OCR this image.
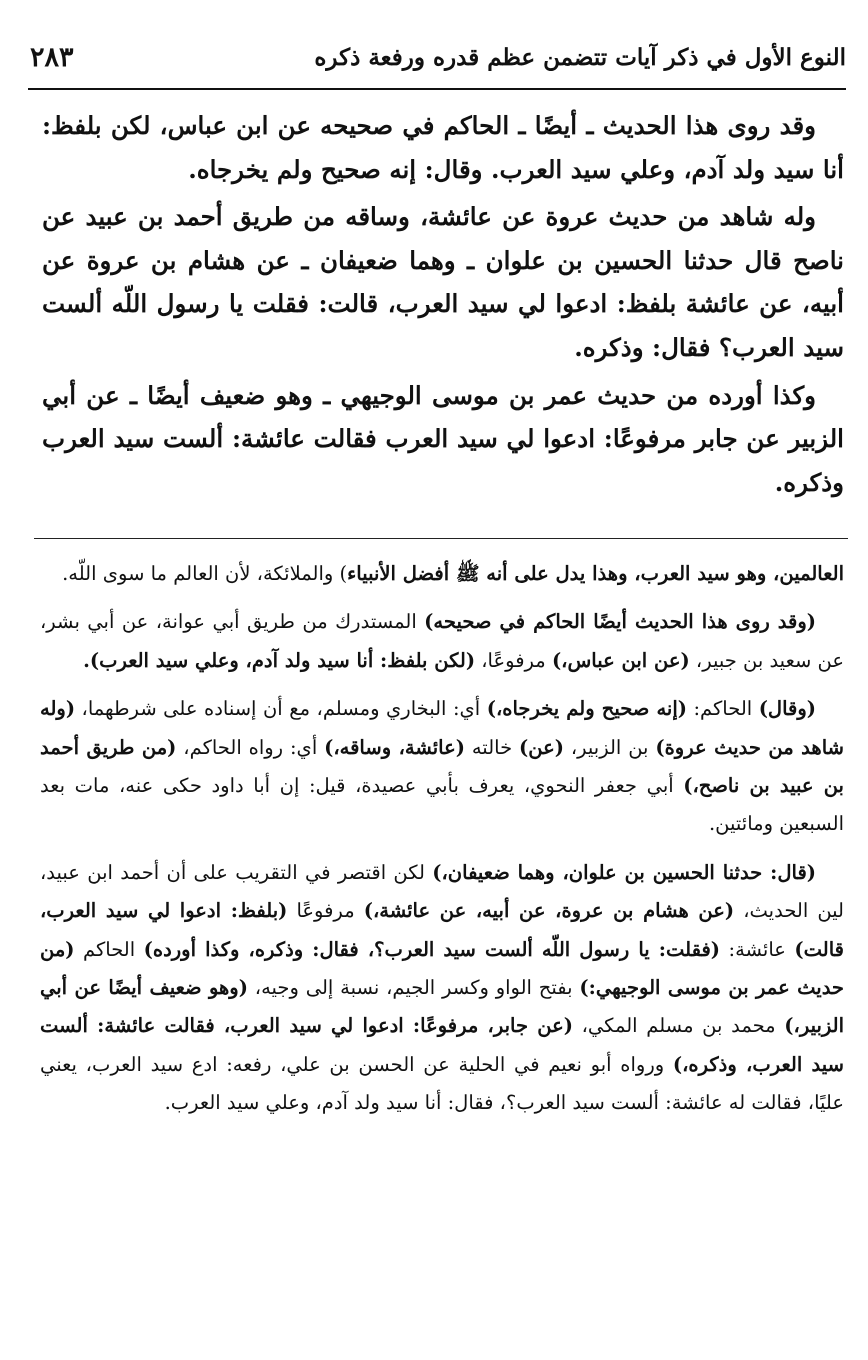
٢٨٣	النوع الأول في ذكر آيات تتضمن عظم قدره ورفعة ذكره

وقد روى هذا الحديث ـ أيضًا ـ الحاكم في صحيحه عن ابن عباس، لكن بلفظ: أنا سيد ولد آدم، وعلي سيد العرب. وقال: إنه صحيح ولم يخرجاه.

وله شاهد من حديث عروة عن عائشة، وساقه من طريق أحمد بن عبيد عن ناصح قال حدثنا الحسين بن علوان ـ وهما ضعيفان ـ عن هشام بن عروة عن أبيه، عن عائشة بلفظ: ادعوا لي سيد العرب، قالت: فقلت يا رسول اللّه ألست سيد العرب؟ فقال: وذكره.

وكذا أورده من حديث عمر بن موسى الوجيهي ـ وهو ضعيف أيضًا ـ عن أبي الزبير عن جابر مرفوعًا: ادعوا لي سيد العرب فقالت عائشة: ألست سيد العرب وذكره.

العالمين، وهو سيد العرب، وهذا يدل على أنه ﷺ أفضل الأنبياء) والملائكة، لأن العالم ما سوى اللّه.

(وقد روى هذا الحديث أيضًا الحاكم في صحيحه) المستدرك من طريق أبي عوانة، عن أبي بشر، عن سعيد بن جبير، (عن ابن عباس،) مرفوعًا، (لكن بلفظ: أنا سيد ولد آدم، وعلي سيد العرب).

(وقال) الحاكم: (إنه صحيح ولم يخرجاه،) أي: البخاري ومسلم، مع أن إسناده على شرطهما، (وله شاهد من حديث عروة) بن الزبير، (عن) خالته (عائشة، وساقه،) أي: رواه الحاكم، (من طريق أحمد بن عبيد بن ناصح،) أبي جعفر النحوي، يعرف بأبي عصيدة، قيل: إن أبا داود حكى عنه، مات بعد السبعين ومائتين.

(قال: حدثنا الحسين بن علوان، وهما ضعيفان،) لكن اقتصر في التقريب على أن أحمد ابن عبيد، لين الحديث، (عن هشام بن عروة، عن أبيه، عن عائشة،) مرفوعًا (بلفظ: ادعوا لي سيد العرب، قالت) عائشة: (فقلت: يا رسول اللّه ألست سيد العرب؟، فقال: وذكره، وكذا أورده) الحاكم (من حديث عمر بن موسى الوجيهي:) بفتح الواو وكسر الجيم، نسبة إلى وجيه، (وهو ضعيف أيضًا عن أبي الزبير،) محمد بن مسلم المكي، (عن جابر، مرفوعًا: ادعوا لي سيد العرب، فقالت عائشة: ألست سيد العرب، وذكره،) ورواه أبو نعيم في الحلية عن الحسن بن علي، رفعه: ادع سيد العرب، يعني عليًا، فقالت له عائشة: ألست سيد العرب؟، فقال: أنا سيد ولد آدم، وعلي سيد العرب.
